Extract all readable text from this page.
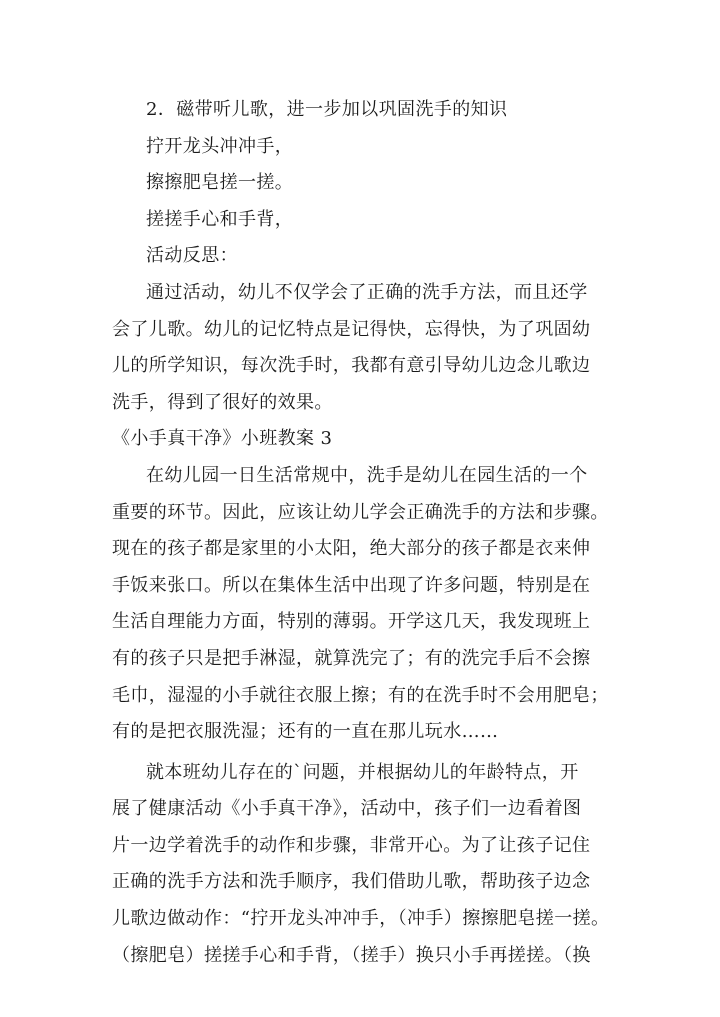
2．磁带听儿歌，进一步加以巩固洗手的知识
拧开龙头冲冲手，
擦擦肥皂搓一搓。
搓搓手心和手背，
活动反思：
通过活动，幼儿不仅学会了正确的洗手方法，而且还学
会了儿歌。幼儿的记忆特点是记得快，忘得快，为了巩固幼
儿的所学知识，每次洗手时，我都有意引导幼儿边念儿歌边
洗手，得到了很好的效果。
《小手真干净》小班教案 3
在幼儿园一日生活常规中，洗手是幼儿在园生活的一个
重要的环节。因此，应该让幼儿学会正确洗手的方法和步骤。
现在的孩子都是家里的小太阳，绝大部分的孩子都是衣来伸
手饭来张口。所以在集体生活中出现了许多问题，特别是在
生活自理能力方面，特别的薄弱。开学这几天，我发现班上
有的孩子只是把手淋湿，就算洗完了；有的洗完手后不会擦
毛巾，湿湿的小手就往衣服上擦；有的在洗手时不会用肥皂；
有的是把衣服洗湿；还有的一直在那儿玩水……
就本班幼儿存在的`问题，并根据幼儿的年龄特点，开
展了健康活动《小手真干净》，活动中，孩子们一边看着图
片一边学着洗手的动作和步骤，非常开心。为了让孩子记住
正确的洗手方法和洗手顺序，我们借助儿歌，帮助孩子边念
儿歌边做动作：“拧开龙头冲冲手，（冲手）擦擦肥皂搓一搓。
（擦肥皂）搓搓手心和手背，（搓手）换只小手再搓搓。（换
